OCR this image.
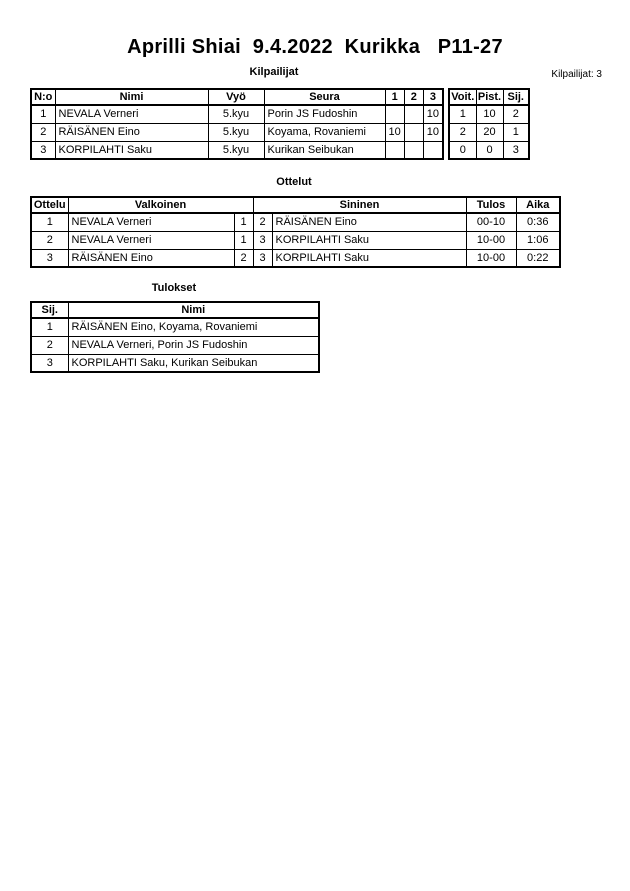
Aprilli Shiai  9.4.2022  Kurikka   P11-27
Kilpailijat	Kilpailijat: 3
N:o	Nimi	Vyö	Seura	1	2	3
1	NEVALA Verneri	5.kyu	Porin JS Fudoshin			10
2	RÄISÄNEN Eino	5.kyu	Koyama, Rovaniemi	10		10
3	KORPILAHTI Saku	5.kyu	Kurikan Seibukan			
Voit.	Pist.	Sij.
1	10	2
2	20	1
0	0	3
Ottelut
Ottelu	Valkoinen		Sininen		Tulos	Aika
1	NEVALA Verneri	1	2	RÄISÄNEN Eino	00-10	0:36
2	NEVALA Verneri	1	3	KORPILAHTI Saku	10-00	1:06
3	RÄISÄNEN Eino	2	3	KORPILAHTI Saku	10-00	0:22
Tulokset
Sij.	Nimi
1	RÄISÄNEN Eino, Koyama, Rovaniemi
2	NEVALA Verneri, Porin JS Fudoshin
3	KORPILAHTI Saku, Kurikan Seibukan
